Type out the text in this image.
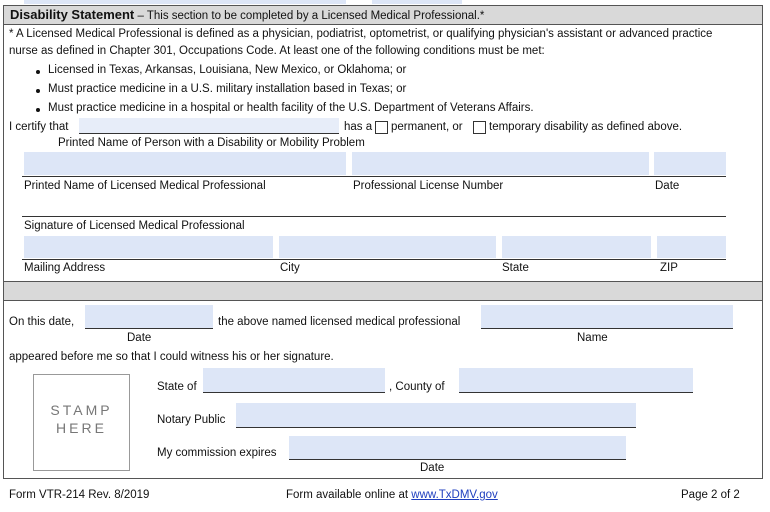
Disability Statement – This section to be completed by a Licensed Medical Professional.*
* A Licensed Medical Professional is defined as a physician, podiatrist, optometrist, or qualifying physician's assistant or advanced practice
nurse as defined in Chapter 301, Occupations Code. At least one of the following conditions must be met:
Licensed in Texas, Arkansas, Louisiana, New Mexico, or Oklahoma; or
Must practice medicine in a U.S. military installation based in Texas; or
Must practice medicine in a hospital or health facility of the U.S. Department of Veterans Affairs.
I certify that	has a permanent, or temporary disability as defined above.
Printed Name of Person with a Disability or Mobility Problem
Printed Name of Licensed Medical Professional	Professional License Number	Date
Signature of Licensed Medical Professional
Mailing Address	City	State	ZIP
On this date,	the above named licensed medical professional
Date	Name
appeared before me so that I could witness his or her signature.
STAMP
HERE
State of	, County of
Notary Public
My commission expires
Date
Form VTR-214 Rev. 8/2019	Form available online at www.TxDMV.gov	Page 2 of 2
